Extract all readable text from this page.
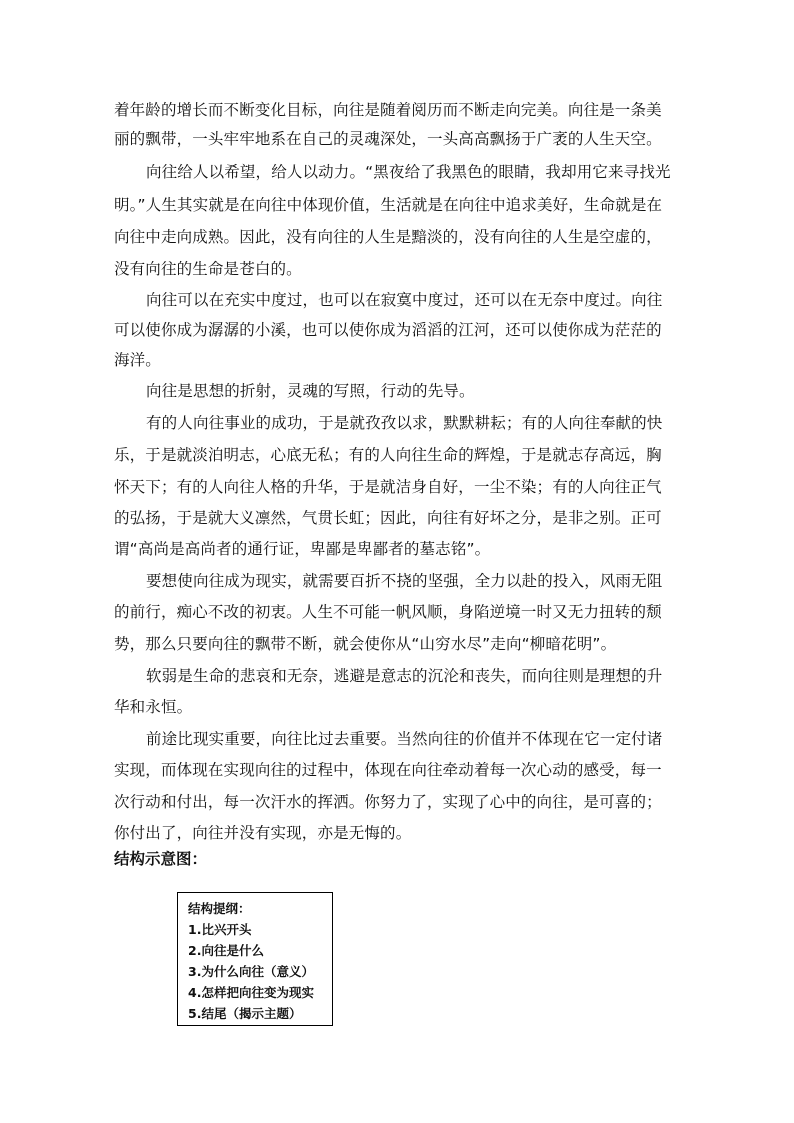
着年龄的增长而不断变化目标，向往是随着阅历而不断走向完美。向往是一条美
丽的飘带，一头牢牢地系在自己的灵魂深处，一头高高飘扬于广袤的人生天空。
向往给人以希望，给人以动力。“黑夜给了我黑色的眼睛，我却用它来寻找光
明。”人生其实就是在向往中体现价值，生活就是在向往中追求美好，生命就是在
向往中走向成熟。因此，没有向往的人生是黯淡的，没有向往的人生是空虚的，
没有向往的生命是苍白的。
向往可以在充实中度过，也可以在寂寞中度过，还可以在无奈中度过。向往
可以使你成为潺潺的小溪，也可以使你成为滔滔的江河，还可以使你成为茫茫的
海洋。
向往是思想的折射，灵魂的写照，行动的先导。
有的人向往事业的成功，于是就孜孜以求，默默耕耘；有的人向往奉献的快
乐，于是就淡泊明志，心底无私；有的人向往生命的辉煌，于是就志存高远，胸
怀天下；有的人向往人格的升华，于是就洁身自好，一尘不染；有的人向往正气
的弘扬，于是就大义凛然，气贯长虹；因此，向往有好坏之分，是非之别。正可
谓“高尚是高尚者的通行证，卑鄙是卑鄙者的墓志铭”。
要想使向往成为现实，就需要百折不挠的坚强，全力以赴的投入，风雨无阻
的前行，痴心不改的初衷。人生不可能一帆风顺，身陷逆境一时又无力扭转的颓
势，那么只要向往的飘带不断，就会使你从“山穷水尽”走向“柳暗花明”。
软弱是生命的悲哀和无奈，逃避是意志的沉沦和丧失，而向往则是理想的升
华和永恒。
前途比现实重要，向往比过去重要。当然向往的价值并不体现在它一定付诸
实现，而体现在实现向往的过程中，体现在向往牵动着每一次心动的感受，每一
次行动和付出，每一次汗水的挥洒。你努力了，实现了心中的向往，是可喜的；
你付出了，向往并没有实现，亦是无悔的。
结构示意图：
结构提纲：
1.比兴开头
2.向往是什么
3.为什么向往（意义）
4.怎样把向往变为现实
5.结尾（揭示主题）
